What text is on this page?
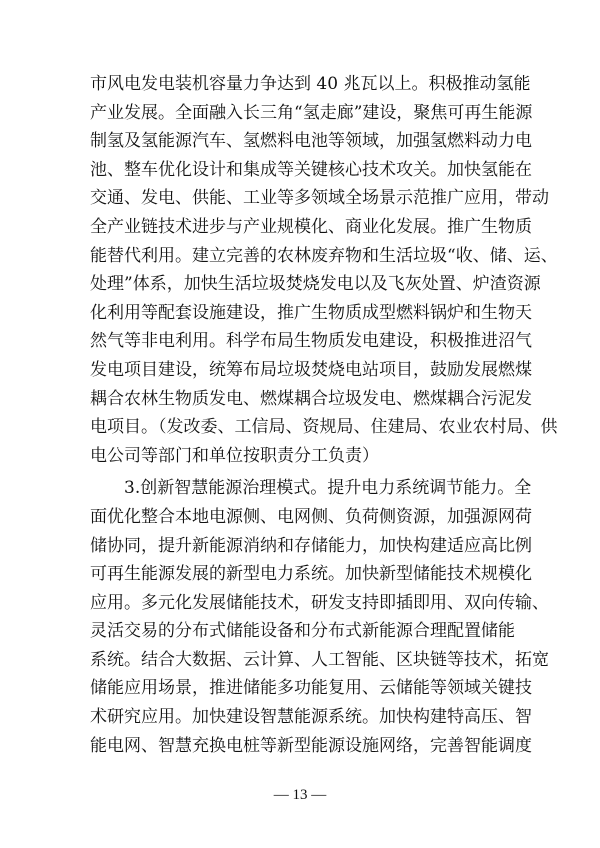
市风电发电装机容量力争达到 40 兆瓦以上。积极推动氢能
产业发展。全面融入长三角“氢走廊”建设，聚焦可再生能源
制氢及氢能源汽车、氢燃料电池等领域，加强氢燃料动力电
池、整车优化设计和集成等关键核心技术攻关。加快氢能在
交通、发电、供能、工业等多领域全场景示范推广应用，带动
全产业链技术进步与产业规模化、商业化发展。推广生物质
能替代利用。建立完善的农林废弃物和生活垃圾“收、储、运、
处理”体系，加快生活垃圾焚烧发电以及飞灰处置、炉渣资源
化利用等配套设施建设，推广生物质成型燃料锅炉和生物天
然气等非电利用。科学布局生物质发电建设，积极推进沼气
发电项目建设，统筹布局垃圾焚烧电站项目，鼓励发展燃煤
耦合农林生物质发电、燃煤耦合垃圾发电、燃煤耦合污泥发
电项目。（发改委、工信局、资规局、住建局、农业农村局、供
电公司等部门和单位按职责分工负责）
3.创新智慧能源治理模式。提升电力系统调节能力。全
面优化整合本地电源侧、电网侧、负荷侧资源，加强源网荷
储协同，提升新能源消纳和存储能力，加快构建适应高比例
可再生能源发展的新型电力系统。加快新型储能技术规模化
应用。多元化发展储能技术，研发支持即插即用、双向传输、
灵活交易的分布式储能设备和分布式新能源合理配置储能
系统。结合大数据、云计算、人工智能、区块链等技术，拓宽
储能应用场景，推进储能多功能复用、云储能等领域关键技
术研究应用。加快建设智慧能源系统。加快构建特高压、智
能电网、智慧充换电桩等新型能源设施网络，完善智能调度
— 13 —
